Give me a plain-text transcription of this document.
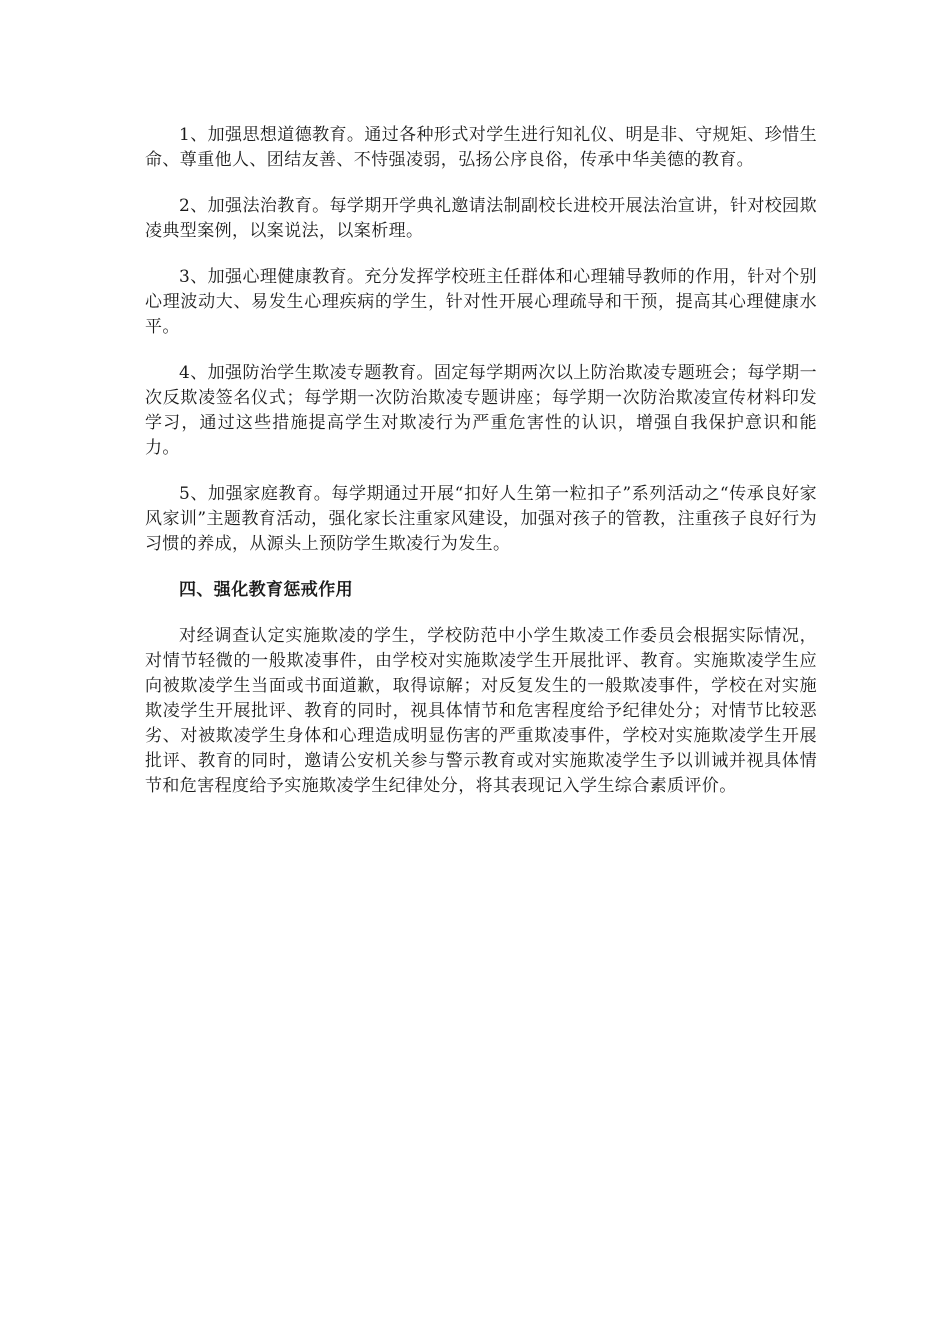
1、加强思想道德教育。通过各种形式对学生进行知礼仪、明是非、守规矩、珍惜生命、尊重他人、团结友善、不恃强凌弱，弘扬公序良俗，传承中华美德的教育。

2、加强法治教育。每学期开学典礼邀请法制副校长进校开展法治宣讲，针对校园欺凌典型案例，以案说法，以案析理。

3、加强心理健康教育。充分发挥学校班主任群体和心理辅导教师的作用，针对个别心理波动大、易发生心理疾病的学生，针对性开展心理疏导和干预，提高其心理健康水平。

4、加强防治学生欺凌专题教育。固定每学期两次以上防治欺凌专题班会；每学期一次反欺凌签名仪式；每学期一次防治欺凌专题讲座；每学期一次防治欺凌宣传材料印发学习，通过这些措施提高学生对欺凌行为严重危害性的认识，增强自我保护意识和能力。

5、加强家庭教育。每学期通过开展“扣好人生第一粒扣子”系列活动之“传承良好家风家训”主题教育活动，强化家长注重家风建设，加强对孩子的管教，注重孩子良好行为习惯的养成，从源头上预防学生欺凌行为发生。

四、强化教育惩戒作用

对经调查认定实施欺凌的学生，学校防范中小学生欺凌工作委员会根据实际情况，对情节轻微的一般欺凌事件，由学校对实施欺凌学生开展批评、教育。实施欺凌学生应向被欺凌学生当面或书面道歉，取得谅解；对反复发生的一般欺凌事件，学校在对实施欺凌学生开展批评、教育的同时，视具体情节和危害程度给予纪律处分；对情节比较恶劣、对被欺凌学生身体和心理造成明显伤害的严重欺凌事件，学校对实施欺凌学生开展批评、教育的同时，邀请公安机关参与警示教育或对实施欺凌学生予以训诫并视具体情节和危害程度给予实施欺凌学生纪律处分，将其表现记入学生综合素质评价。
